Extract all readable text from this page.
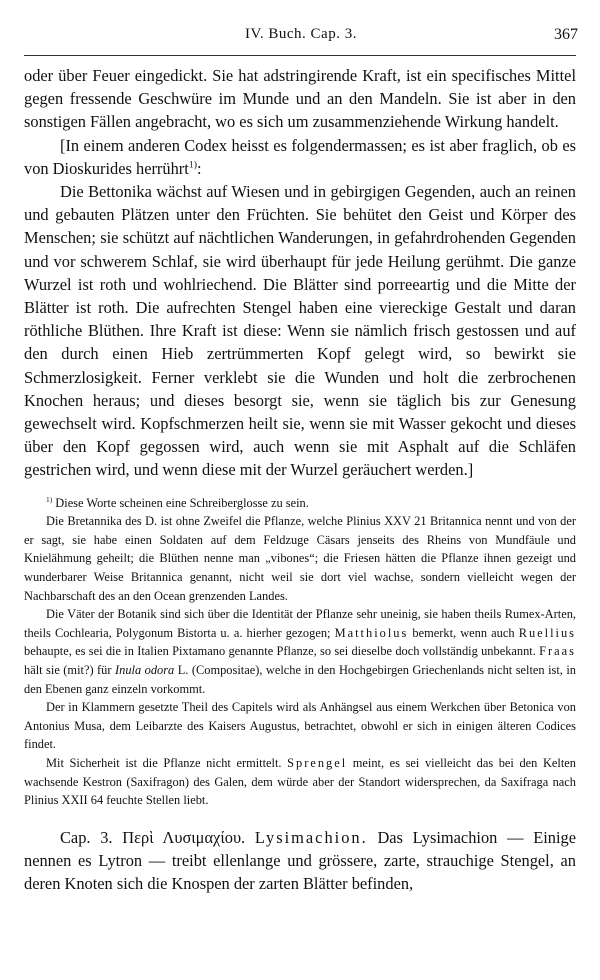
IV. Buch. Cap. 3.	367

oder über Feuer eingedickt. Sie hat adstringirende Kraft, ist ein specifisches Mittel gegen fressende Geschwüre im Munde und an den Mandeln. Sie ist aber in den sonstigen Fällen angebracht, wo es sich um zusammenziehende Wirkung handelt.

[In einem anderen Codex heisst es folgendermassen; es ist aber fraglich, ob es von Dioskurides herrührt$^{1)}$:

Die Bettonika wächst auf Wiesen und in gebirgigen Gegenden, auch an reinen und gebauten Plätzen unter den Früchten. Sie behütet den Geist und Körper des Menschen; sie schützt auf nächtlichen Wanderungen, in gefahrdrohenden Gegenden und vor schwerem Schlaf, sie wird überhaupt für jede Heilung gerühmt. Die ganze Wurzel ist roth und wohlriechend. Die Blätter sind porreeartig und die Mitte der Blätter ist roth. Die aufrechten Stengel haben eine viereckige Gestalt und daran röthliche Blüthen. Ihre Kraft ist diese: Wenn sie nämlich frisch gestossen und auf den durch einen Hieb zertrümmerten Kopf gelegt wird, so bewirkt sie Schmerzlosigkeit. Ferner verklebt sie die Wunden und holt die zerbrochenen Knochen heraus; und dieses besorgt sie, wenn sie täglich bis zur Genesung gewechselt wird. Kopfschmerzen heilt sie, wenn sie mit Wasser gekocht und dieses über den Kopf gegossen wird, auch wenn sie mit Asphalt auf die Schläfen gestrichen wird, und wenn diese mit der Wurzel geräuchert werden.]

$^{1)}$ Diese Worte scheinen eine Schreiberglosse zu sein.

Die Bretannika des D. ist ohne Zweifel die Pflanze, welche Plinius XXV 21 Britannica nennt und von der er sagt, sie habe einen Soldaten auf dem Feldzuge Cäsars jenseits des Rheins von Mundfäule und Knielähmung geheilt; die Blüthen nenne man „vibones“; die Friesen hätten die Pflanze ihnen gezeigt und wunderbarer Weise Britannica genannt, nicht weil sie dort viel wachse, sondern vielleicht wegen der Nachbarschaft des an den Ocean grenzenden Landes.

Die Väter der Botanik sind sich über die Identität der Pflanze sehr uneinig, sie haben theils Rumex-Arten, theils Cochlearia, Polygonum Bistorta u. a. hierher gezogen; Matthiolus bemerkt, wenn auch Ruellius behaupte, es sei die in Italien Pixtamano genannte Pflanze, so sei dieselbe doch vollständig unbekannt. Fraas hält sie (mit?) für Inula odora L. (Compositae), welche in den Hochgebirgen Griechenlands nicht selten ist, in den Ebenen ganz einzeln vorkommt.

Der in Klammern gesetzte Theil des Capitels wird als Anhängsel aus einem Werkchen über Betonica von Antonius Musa, dem Leibarzte des Kaisers Augustus, betrachtet, obwohl er sich in einigen älteren Codices findet.

Mit Sicherheit ist die Pflanze nicht ermittelt. Sprengel meint, es sei vielleicht das bei den Kelten wachsende Kestron (Saxifragon) des Galen, dem würde aber der Standort widersprechen, da Saxifraga nach Plinius XXII 64 feuchte Stellen liebt.

Cap. 3. Περὶ Λυσιμαχίου. Lysimachion. Das Lysimachion — Einige nennen es Lytron — treibt ellenlange und grössere, zarte, strauchige Stengel, an deren Knoten sich die Knospen der zarten Blätter befinden,
